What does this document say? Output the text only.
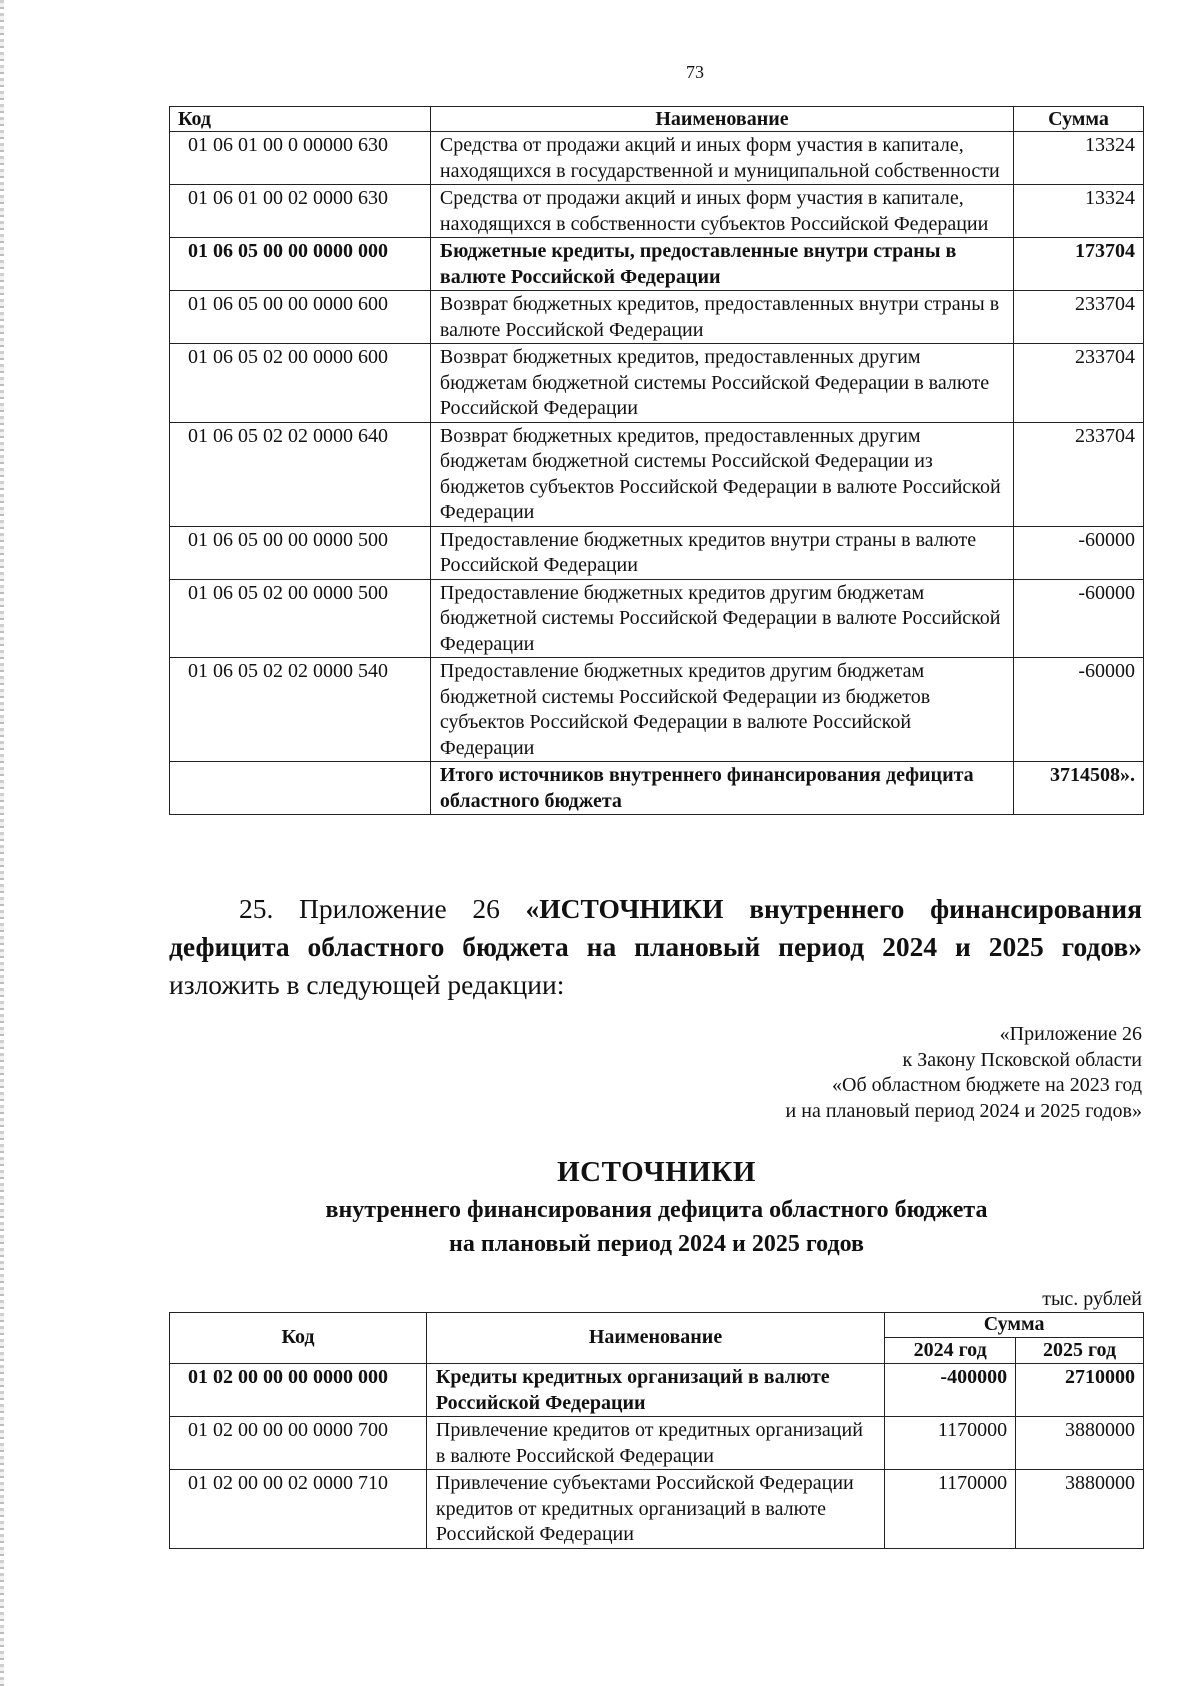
73
Код	Наименование	Сумма
01 06 01 00 0 00000 630	Средства от продажи акций и иных форм участия в капитале, находящихся в государственной и муниципальной собственности	13324
01 06 01 00 02 0000 630	Средства от продажи акций и иных форм участия в капитале, находящихся в собственности субъектов Российской Федерации	13324
01 06 05 00 00 0000 000	Бюджетные кредиты, предоставленные внутри страны в валюте Российской Федерации	173704
01 06 05 00 00 0000 600	Возврат бюджетных кредитов, предоставленных внутри страны в валюте Российской Федерации	233704
01 06 05 02 00 0000 600	Возврат бюджетных кредитов, предоставленных другим бюджетам бюджетной системы Российской Федерации в валюте Российской Федерации	233704
01 06 05 02 02 0000 640	Возврат бюджетных кредитов, предоставленных другим бюджетам бюджетной системы Российской Федерации из бюджетов субъектов Российской Федерации в валюте Российской Федерации	233704
01 06 05 00 00 0000 500	Предоставление бюджетных кредитов внутри страны в валюте Российской Федерации	-60000
01 06 05 02 00 0000 500	Предоставление бюджетных кредитов другим бюджетам бюджетной системы Российской Федерации в валюте Российской Федерации	-60000
01 06 05 02 02 0000 540	Предоставление бюджетных кредитов другим бюджетам бюджетной системы Российской Федерации из бюджетов субъектов Российской Федерации в валюте Российской Федерации	-60000
	Итого источников внутреннего финансирования дефицита областного бюджета	3714508».
25. Приложение 26 «ИСТОЧНИКИ внутреннего финансирования
дефицита областного бюджета на плановый период 2024 и 2025 годов»
изложить в следующей редакции:
«Приложение 26
к Закону Псковской области
«Об областном бюджете на 2023 год
и на плановый период 2024 и 2025 годов»
ИСТОЧНИКИ
внутреннего финансирования дефицита областного бюджета
на плановый период 2024 и 2025 годов
тыс. рублей
Код	Наименование	Сумма	
		2024 год	2025 год
01 02 00 00 00 0000 000	Кредиты кредитных организаций в валюте Российской Федерации	-400000	2710000
01 02 00 00 00 0000 700	Привлечение кредитов от кредитных организаций в валюте Российской Федерации	1170000	3880000
01 02 00 00 02 0000 710	Привлечение субъектами Российской Федерации кредитов от кредитных организаций в валюте Российской Федерации	1170000	3880000
